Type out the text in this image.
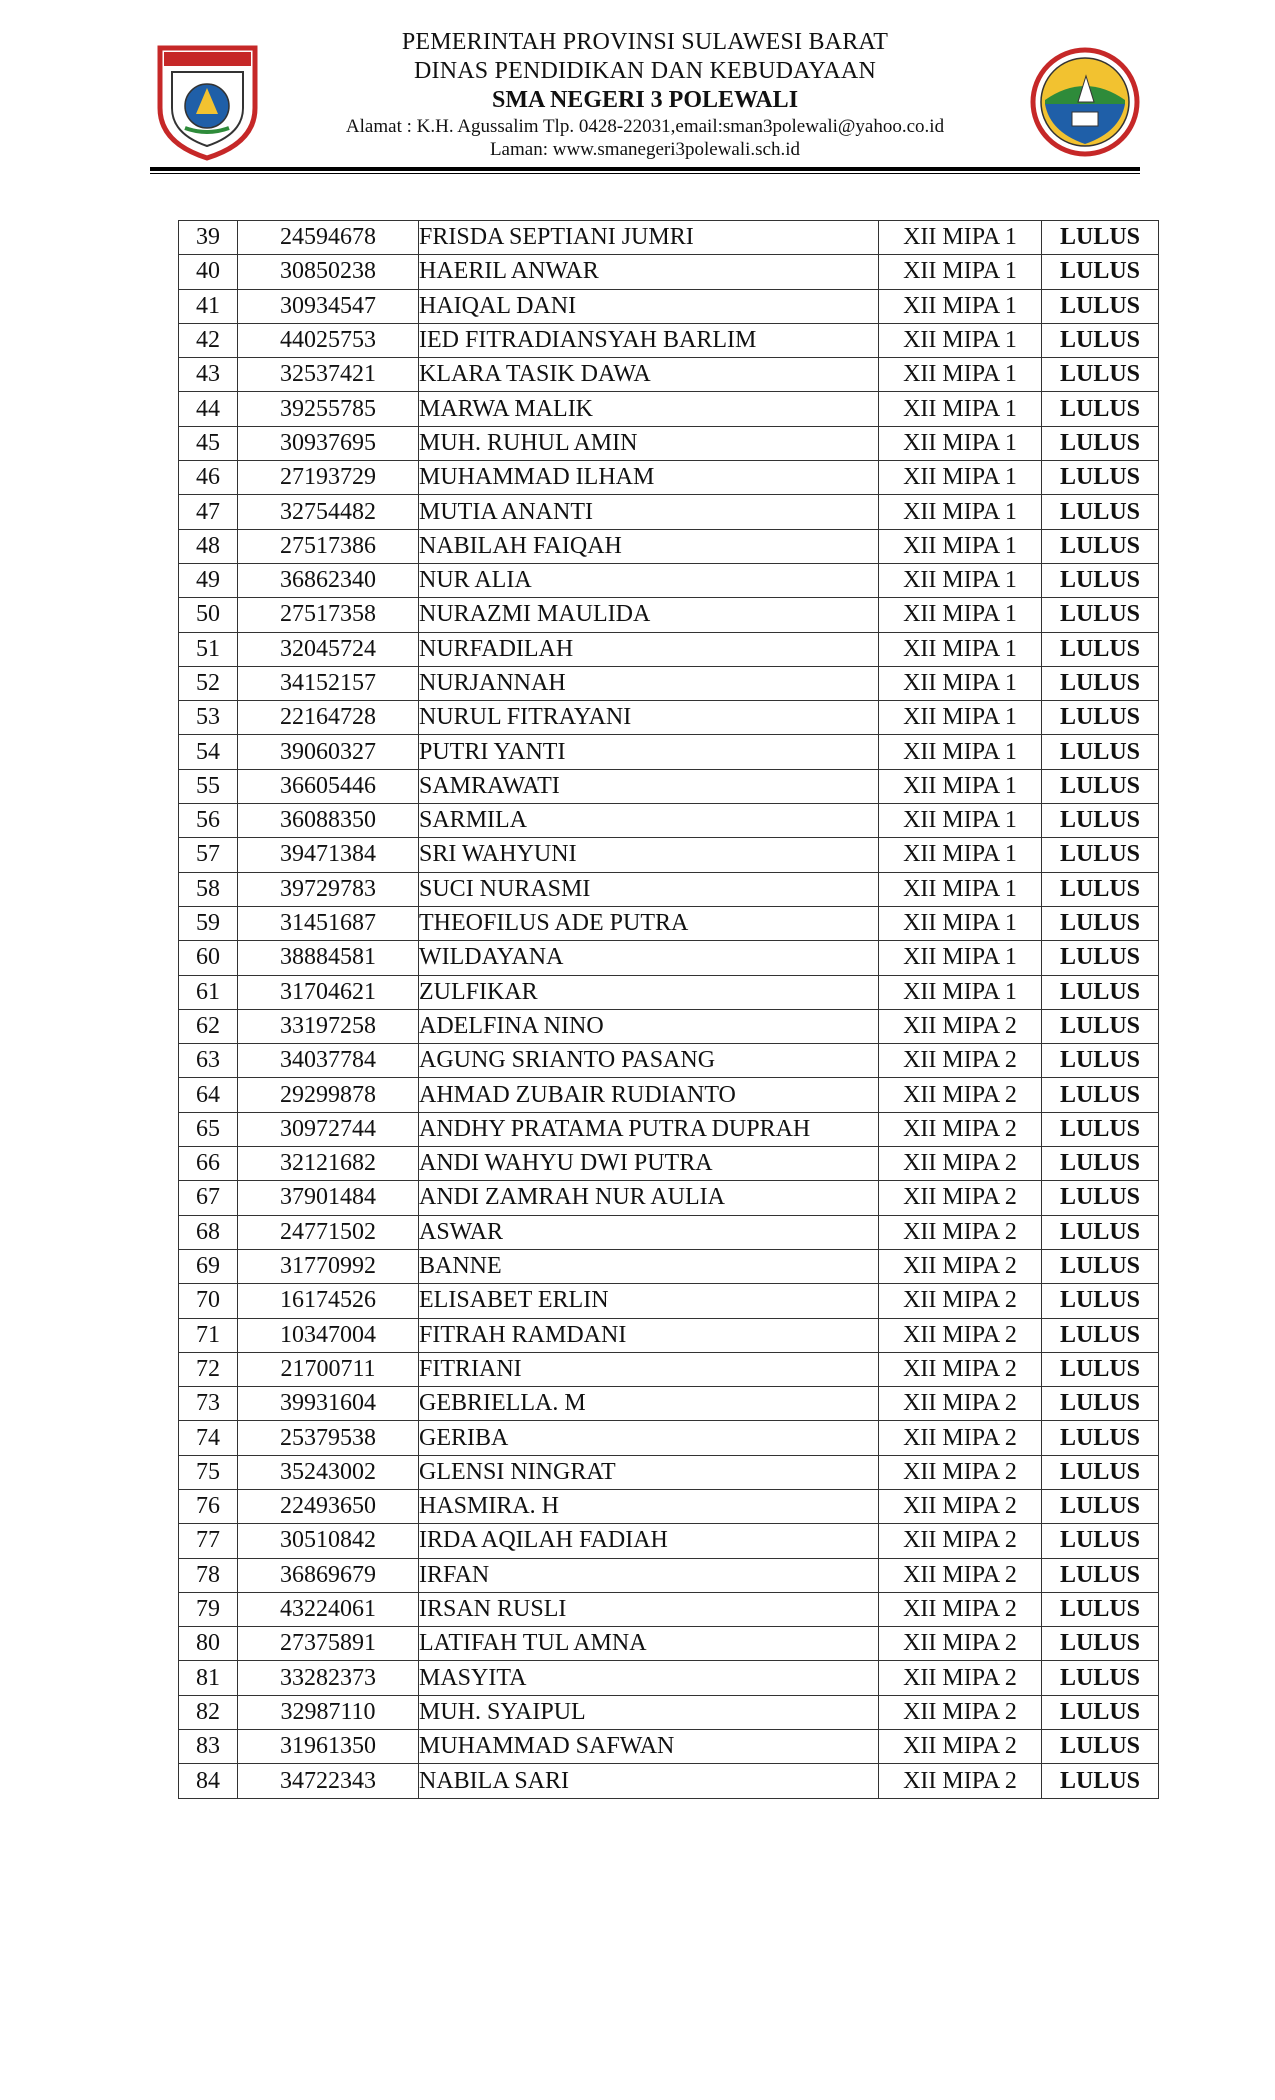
PEMERINTAH PROVINSI SULAWESI BARAT
DINAS PENDIDIKAN DAN KEBUDAYAAN
SMA NEGERI 3 POLEWALI
Alamat : K.H. Agussalim Tlp. 0428-22031,email:sman3polewali@yahoo.co.id
Laman: www.smanegeri3polewali.sch.id
39	24594678	FRISDA SEPTIANI JUMRI	XII MIPA 1	LULUS
40	30850238	HAERIL ANWAR	XII MIPA 1	LULUS
41	30934547	HAIQAL DANI	XII MIPA 1	LULUS
42	44025753	IED FITRADIANSYAH BARLIM	XII MIPA 1	LULUS
43	32537421	KLARA TASIK DAWA	XII MIPA 1	LULUS
44	39255785	MARWA MALIK	XII MIPA 1	LULUS
45	30937695	MUH. RUHUL AMIN	XII MIPA 1	LULUS
46	27193729	MUHAMMAD ILHAM	XII MIPA 1	LULUS
47	32754482	MUTIA ANANTI	XII MIPA 1	LULUS
48	27517386	NABILAH FAIQAH	XII MIPA 1	LULUS
49	36862340	NUR ALIA	XII MIPA 1	LULUS
50	27517358	NURAZMI MAULIDA	XII MIPA 1	LULUS
51	32045724	NURFADILAH	XII MIPA 1	LULUS
52	34152157	NURJANNAH	XII MIPA 1	LULUS
53	22164728	NURUL FITRAYANI	XII MIPA 1	LULUS
54	39060327	PUTRI YANTI	XII MIPA 1	LULUS
55	36605446	SAMRAWATI	XII MIPA 1	LULUS
56	36088350	SARMILA	XII MIPA 1	LULUS
57	39471384	SRI WAHYUNI	XII MIPA 1	LULUS
58	39729783	SUCI NURASMI	XII MIPA 1	LULUS
59	31451687	THEOFILUS ADE PUTRA	XII MIPA 1	LULUS
60	38884581	WILDAYANA	XII MIPA 1	LULUS
61	31704621	ZULFIKAR	XII MIPA 1	LULUS
62	33197258	ADELFINA NINO	XII MIPA 2	LULUS
63	34037784	AGUNG SRIANTO PASANG	XII MIPA 2	LULUS
64	29299878	AHMAD ZUBAIR RUDIANTO	XII MIPA 2	LULUS
65	30972744	ANDHY PRATAMA PUTRA DUPRAH	XII MIPA 2	LULUS
66	32121682	ANDI WAHYU DWI PUTRA	XII MIPA 2	LULUS
67	37901484	ANDI ZAMRAH NUR AULIA	XII MIPA 2	LULUS
68	24771502	ASWAR	XII MIPA 2	LULUS
69	31770992	BANNE	XII MIPA 2	LULUS
70	16174526	ELISABET ERLIN	XII MIPA 2	LULUS
71	10347004	FITRAH RAMDANI	XII MIPA 2	LULUS
72	21700711	FITRIANI	XII MIPA 2	LULUS
73	39931604	GEBRIELLA. M	XII MIPA 2	LULUS
74	25379538	GERIBA	XII MIPA 2	LULUS
75	35243002	GLENSI NINGRAT	XII MIPA 2	LULUS
76	22493650	HASMIRA. H	XII MIPA 2	LULUS
77	30510842	IRDA AQILAH FADIAH	XII MIPA 2	LULUS
78	36869679	IRFAN	XII MIPA 2	LULUS
79	43224061	IRSAN RUSLI	XII MIPA 2	LULUS
80	27375891	LATIFAH TUL AMNA	XII MIPA 2	LULUS
81	33282373	MASYITA	XII MIPA 2	LULUS
82	32987110	MUH. SYAIPUL	XII MIPA 2	LULUS
83	31961350	MUHAMMAD SAFWAN	XII MIPA 2	LULUS
84	34722343	NABILA SARI	XII MIPA 2	LULUS
